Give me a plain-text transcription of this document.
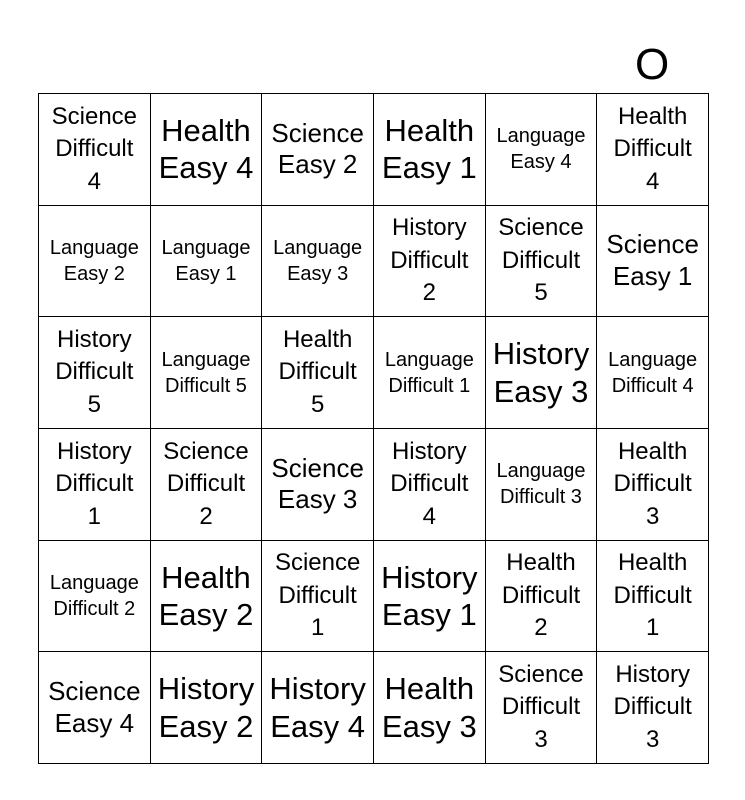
O
Science
Difficult
4
Health
Easy 4
Science
Easy 2
Health
Easy 1
Language
Easy 4
Health
Difficult
4
Language
Easy 2
Language
Easy 1
Language
Easy 3
History
Difficult
2
Science
Difficult
5
Science
Easy 1
History
Difficult
5
Language
Difficult 5
Health
Difficult
5
Language
Difficult 1
History
Easy 3
Language
Difficult 4
History
Difficult
1
Science
Difficult
2
Science
Easy 3
History
Difficult
4
Language
Difficult 3
Health
Difficult
3
Language
Difficult 2
Health
Easy 2
Science
Difficult
1
History
Easy 1
Health
Difficult
2
Health
Difficult
1
Science
Easy 4
History
Easy 2
History
Easy 4
Health
Easy 3
Science
Difficult
3
History
Difficult
3
